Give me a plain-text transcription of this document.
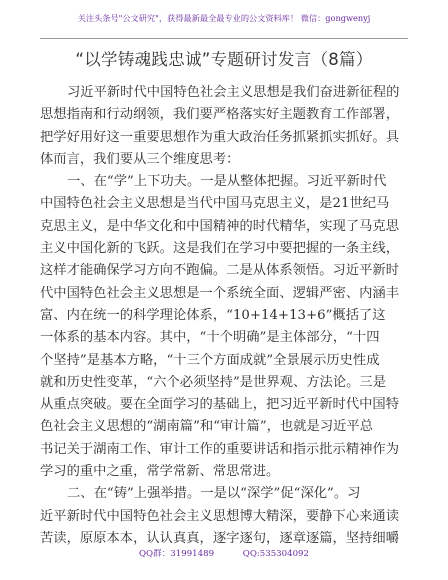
关注头条号"公文研究"，获得最新最全最专业的公文资料库！ 微信：gongwenyj
“以学铸魂践忠诚”专题研讨发言（8篇）
习近平新时代中国特色社会主义思想是我们奋进新征程的
思想指南和行动纲领，我们要严格落实好主题教育工作部署，
把学好用好这一重要思想作为重大政治任务抓紧抓实抓好。具
体而言，我们要从三个维度思考：
一、在“学”上下功夫。一是从整体把握。习近平新时代
中国特色社会主义思想是当代中国马克思主义，是21世纪马
克思主义，是中华文化和中国精神的时代精华，实现了马克思
主义中国化新的飞跃。这是我们在学习中要把握的一条主线，
这样才能确保学习方向不跑偏。二是从体系领悟。习近平新时
代中国特色社会主义思想是一个系统全面、逻辑严密、内涵丰
富、内在统一的科学理论体系，“10+14+13+6”概括了这
一体系的基本内容。其中，“十个明确”是主体部分，“十四
个坚持”是基本方略，“十三个方面成就”全景展示历史性成
就和历史性变革，“六个必须坚持”是世界观、方法论。三是
从重点突破。要在全面学习的基础上，把习近平新时代中国特
色社会主义思想的“湖南篇”和“审计篇”，也就是习近平总
书记关于湖南工作、审计工作的重要讲话和指示批示精神作为
学习的重中之重，常学常新、常思常进。
二、在“铸”上强举措。一是以“深学”促“深化”。习
近平新时代中国特色社会主义思想博大精深，要静下心来通读
苦读，原原本本，认认真真，逐字逐句，逐章逐篇，坚持细嚼
QQ群：31991489	QQ:535304092
